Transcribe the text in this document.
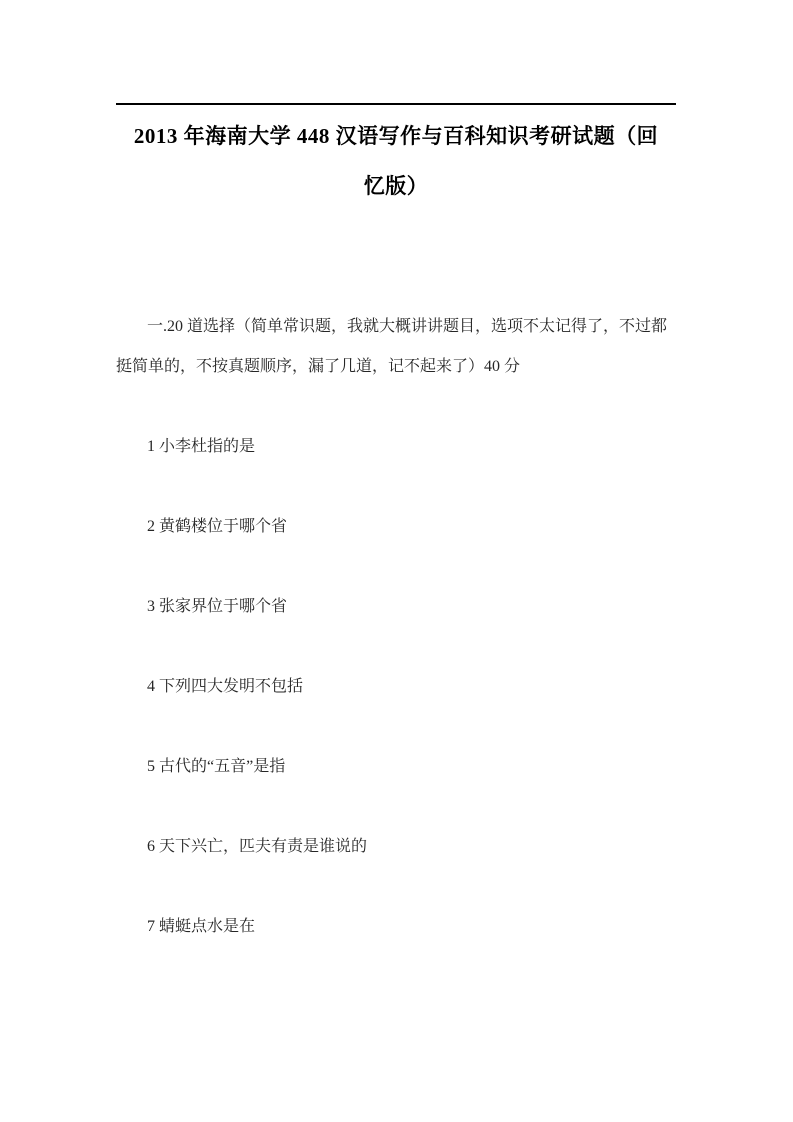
2013 年海南大学 448 汉语写作与百科知识考研试题（回
忆版）

一.20 道选择（简单常识题，我就大概讲讲题目，选项不太记得了，不过都
挺简单的，不按真题顺序，漏了几道，记不起来了）40 分

1 小李杜指的是
2 黄鹤楼位于哪个省
3 张家界位于哪个省
4 下列四大发明不包括
5 古代的“五音”是指
6 天下兴亡，匹夫有责是谁说的
7 蜻蜓点水是在
